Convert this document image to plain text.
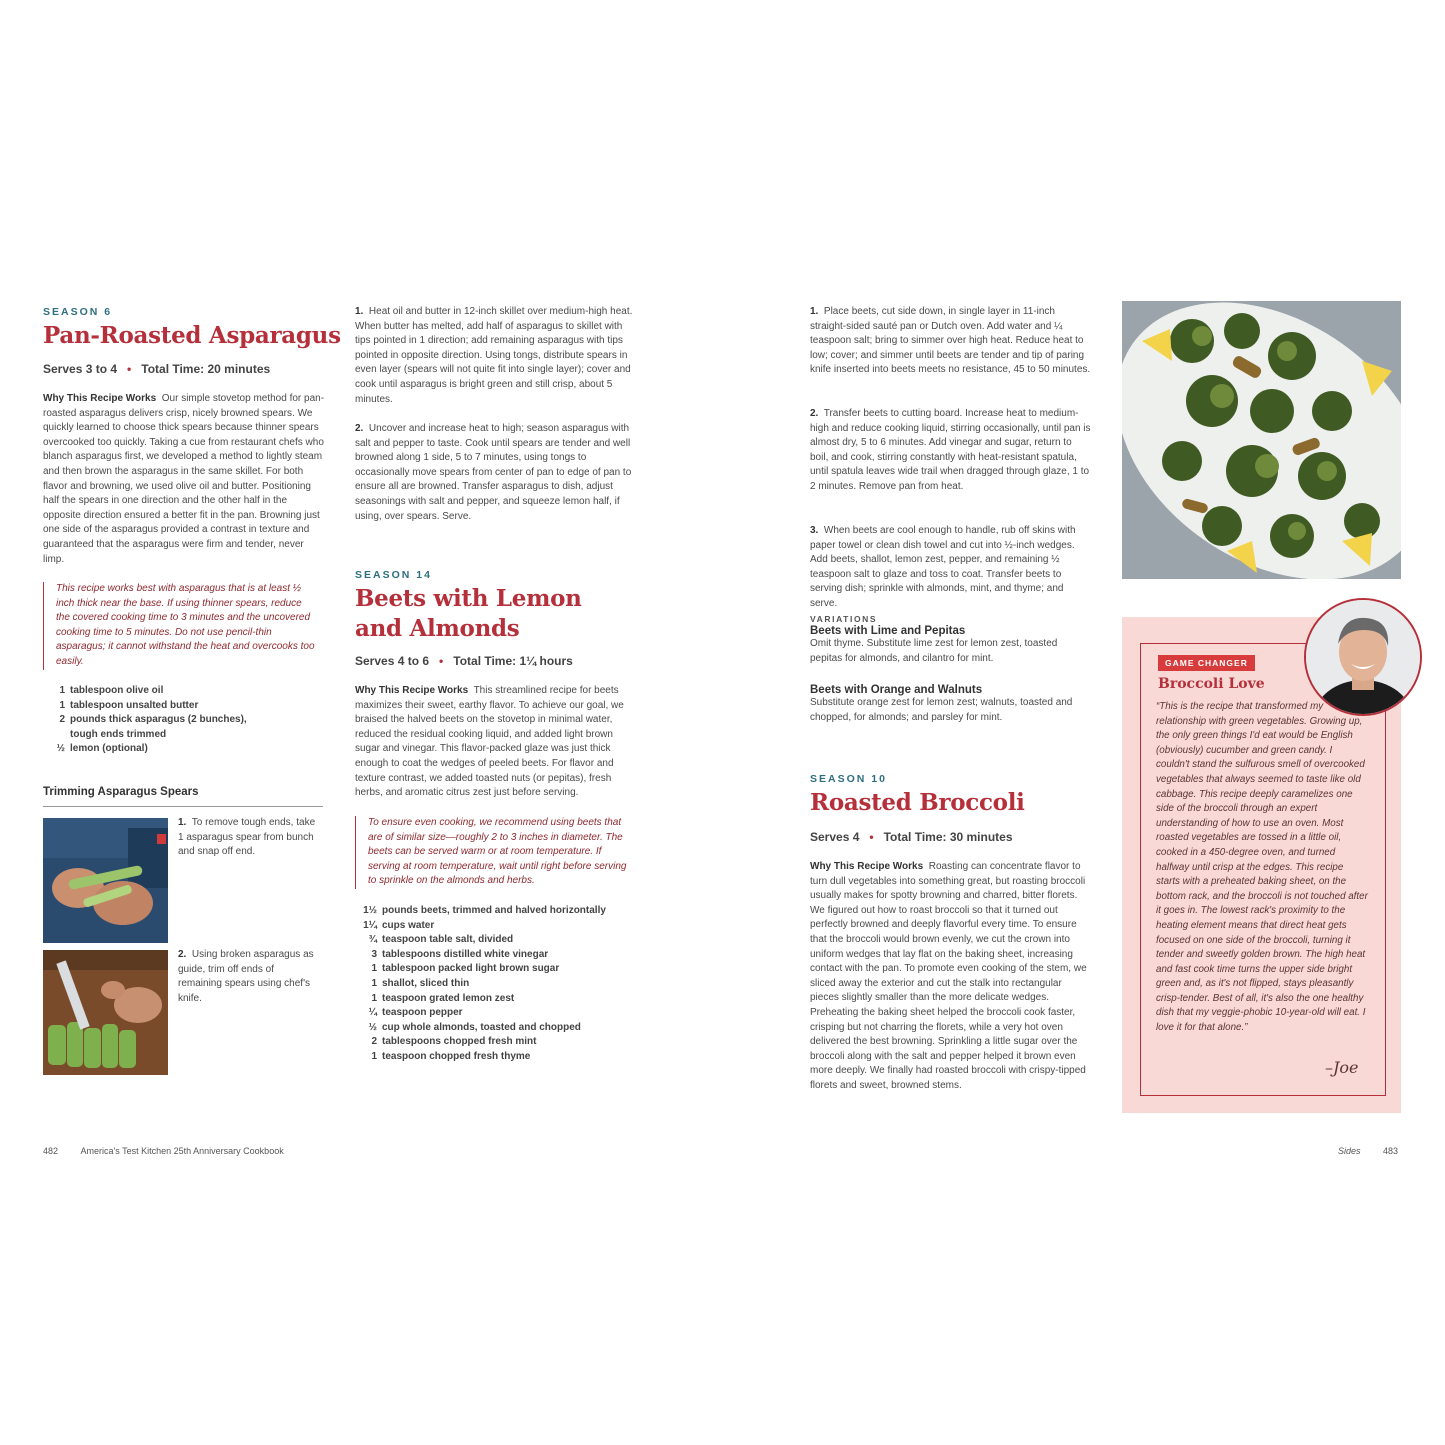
SEASON 6
Pan-Roasted Asparagus
Serves 3 to 4 • Total Time: 20 minutes
Why This Recipe Works Our simple stovetop method for pan-roasted asparagus delivers crisp, nicely browned spears. We quickly learned to choose thick spears because thinner spears overcooked too quickly. Taking a cue from restaurant chefs who blanch asparagus first, we developed a method to lightly steam and then brown the asparagus in the same skillet. For both flavor and browning, we used olive oil and butter. Positioning half the spears in one direction and the other half in the opposite direction ensured a better fit in the pan. Browning just one side of the asparagus provided a contrast in texture and guaranteed that the asparagus were firm and tender, never limp.
This recipe works best with asparagus that is at least ½ inch thick near the base. If using thinner spears, reduce the covered cooking time to 3 minutes and the uncovered cooking time to 5 minutes. Do not use pencil-thin asparagus; it cannot withstand the heat and overcooks too easily.
1 tablespoon olive oil
1 tablespoon unsalted butter
2 pounds thick asparagus (2 bunches), tough ends trimmed
½ lemon (optional)
Trimming Asparagus Spears
1. To remove tough ends, take 1 asparagus spear from bunch and snap off end.
2. Using broken asparagus as guide, trim off ends of remaining spears using chef's knife.
1. Heat oil and butter in 12-inch skillet over medium-high heat. When butter has melted, add half of asparagus to skillet with tips pointed in 1 direction; add remaining asparagus with tips pointed in opposite direction. Using tongs, distribute spears in even layer (spears will not quite fit into single layer); cover and cook until asparagus is bright green and still crisp, about 5 minutes.
2. Uncover and increase heat to high; season asparagus with salt and pepper to taste. Cook until spears are tender and well browned along 1 side, 5 to 7 minutes, using tongs to occasionally move spears from center of pan to edge of pan to ensure all are browned. Transfer asparagus to dish, adjust seasonings with salt and pepper, and squeeze lemon half, if using, over spears. Serve.
SEASON 14
Beets with Lemon
and Almonds
Serves 4 to 6 • Total Time: 1¼ hours
Why This Recipe Works This streamlined recipe for beets maximizes their sweet, earthy flavor. To achieve our goal, we braised the halved beets on the stovetop in minimal water, reduced the residual cooking liquid, and added light brown sugar and vinegar. This flavor-packed glaze was just thick enough to coat the wedges of peeled beets. For flavor and texture contrast, we added toasted nuts (or pepitas), fresh herbs, and aromatic citrus zest just before serving.
To ensure even cooking, we recommend using beets that are of similar size—roughly 2 to 3 inches in diameter. The beets can be served warm or at room temperature. If serving at room temperature, wait until right before serving to sprinkle on the almonds and herbs.
1½ pounds beets, trimmed and halved horizontally
1¼ cups water
¾ teaspoon table salt, divided
3 tablespoons distilled white vinegar
1 tablespoon packed light brown sugar
1 shallot, sliced thin
1 teaspoon grated lemon zest
¼ teaspoon pepper
½ cup whole almonds, toasted and chopped
2 tablespoons chopped fresh mint
1 teaspoon chopped fresh thyme
482	America's Test Kitchen 25th Anniversary Cookbook
1. Place beets, cut side down, in single layer in 11-inch straight-sided sauté pan or Dutch oven. Add water and ¼ teaspoon salt; bring to simmer over high heat. Reduce heat to low; cover; and simmer until beets are tender and tip of paring knife inserted into beets meets no resistance, 45 to 50 minutes.
2. Transfer beets to cutting board. Increase heat to medium-high and reduce cooking liquid, stirring occasionally, until pan is almost dry, 5 to 6 minutes. Add vinegar and sugar, return to boil, and cook, stirring constantly with heat-resistant spatula, until spatula leaves wide trail when dragged through glaze, 1 to 2 minutes. Remove pan from heat.
3. When beets are cool enough to handle, rub off skins with paper towel or clean dish towel and cut into ½-inch wedges. Add beets, shallot, lemon zest, pepper, and remaining ½ teaspoon salt to glaze and toss to coat. Transfer beets to serving dish; sprinkle with almonds, mint, and thyme; and serve.
VARIATIONS
Beets with Lime and Pepitas
Omit thyme. Substitute lime zest for lemon zest, toasted pepitas for almonds, and cilantro for mint.
Beets with Orange and Walnuts
Substitute orange zest for lemon zest; walnuts, toasted and chopped, for almonds; and parsley for mint.
SEASON 10
Roasted Broccoli
Serves 4 • Total Time: 30 minutes
Why This Recipe Works Roasting can concentrate flavor to turn dull vegetables into something great, but roasting broccoli usually makes for spotty browning and charred, bitter florets. We figured out how to roast broccoli so that it turned out perfectly browned and deeply flavorful every time. To ensure that the broccoli would brown evenly, we cut the crown into uniform wedges that lay flat on the baking sheet, increasing contact with the pan. To promote even cooking of the stem, we sliced away the exterior and cut the stalk into rectangular pieces slightly smaller than the more delicate wedges. Preheating the baking sheet helped the broccoli cook faster, crisping but not charring the florets, while a very hot oven delivered the best browning. Sprinkling a little sugar over the broccoli along with the salt and pepper helped it brown even more deeply. We finally had roasted broccoli with crispy-tipped florets and sweet, browned stems.
GAME CHANGER
Broccoli Love
“This is the recipe that transformed my relationship with green vegetables. Growing up, the only green things I'd eat would be English (obviously) cucumber and green candy. I couldn't stand the sulfurous smell of overcooked vegetables that always seemed to taste like old cabbage. This recipe deeply caramelizes one side of the broccoli through an expert understanding of how to use an oven. Most roasted vegetables are tossed in a little oil, cooked in a 450-degree oven, and turned halfway until crisp at the edges. This recipe starts with a preheated baking sheet, on the bottom rack, and the broccoli is not touched after it goes in. The lowest rack's proximity to the heating element means that direct heat gets focused on one side of the broccoli, turning it tender and sweetly golden brown. The high heat and fast cook time turns the upper side bright green and, as it's not flipped, stays pleasantly crisp-tender. Best of all, it's also the one healthy dish that my veggie-phobic 10-year-old will eat. I love it for that alone.”
–Joe
Sides 483
